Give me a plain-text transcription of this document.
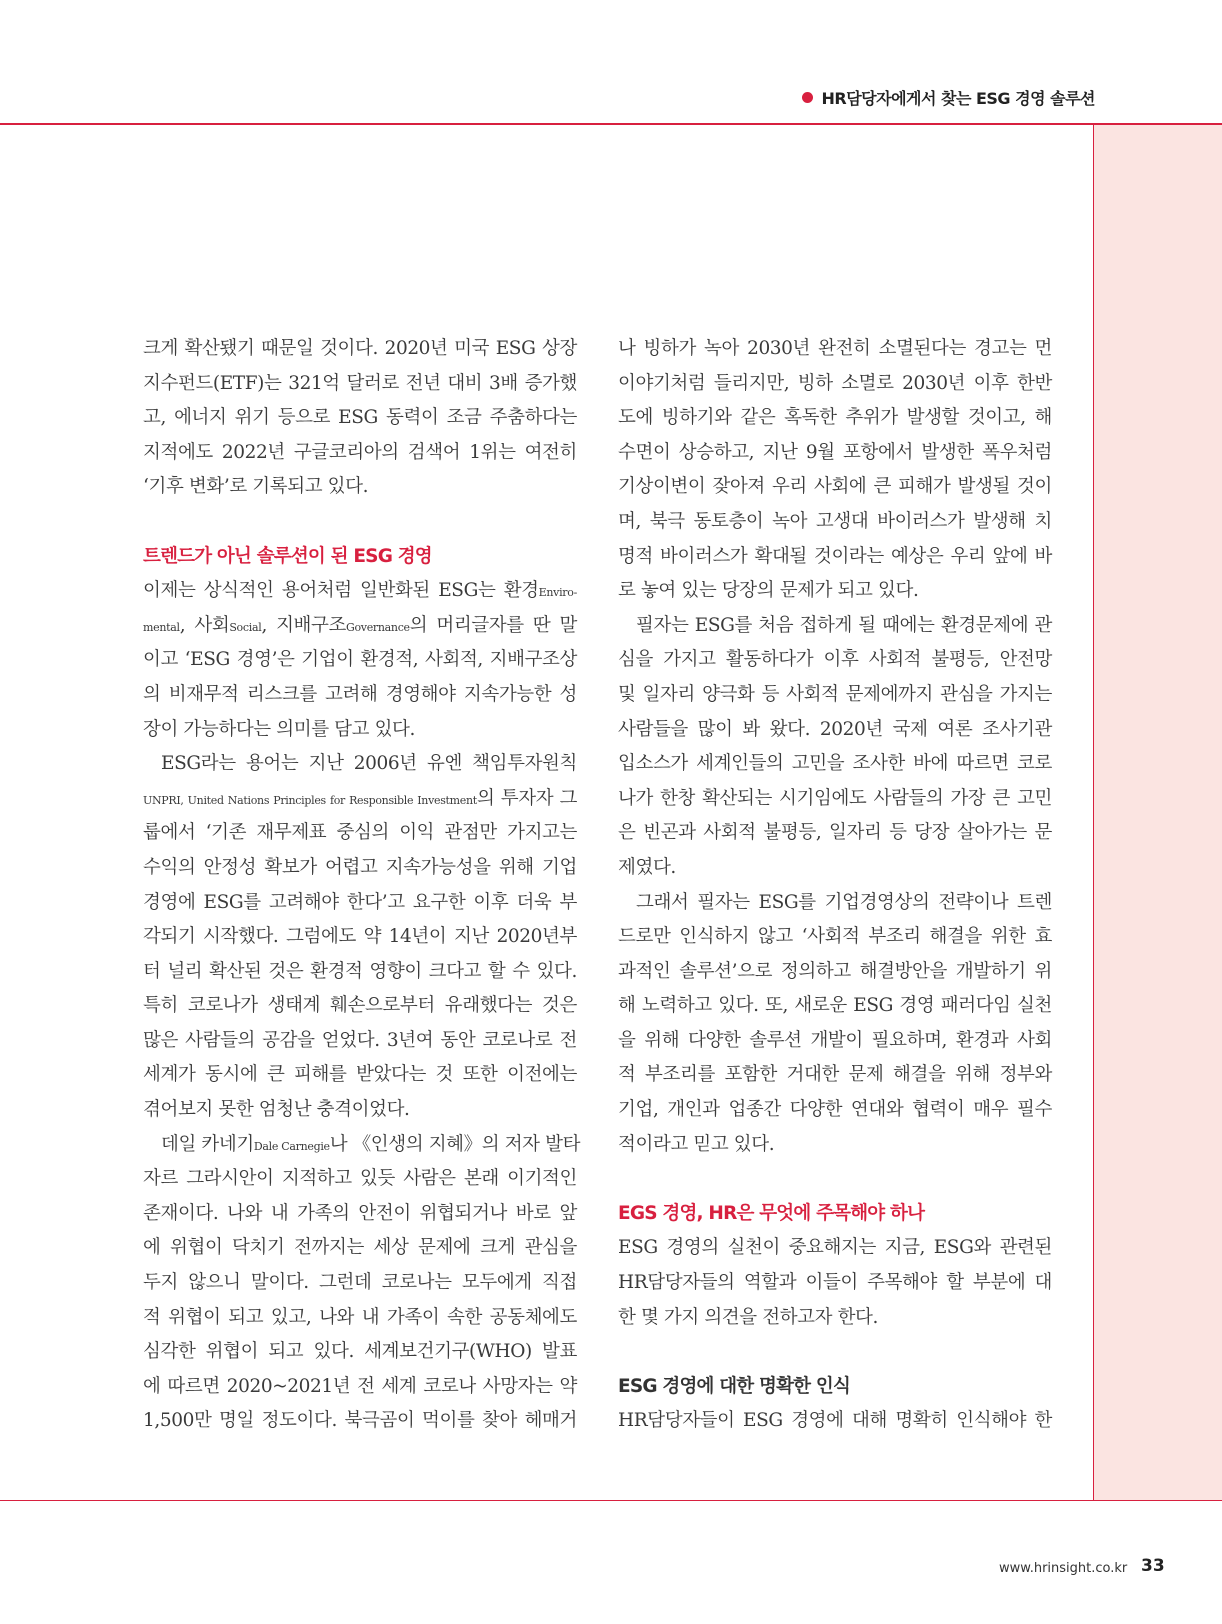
HR담당자에게서 찾는 ESG 경영 솔루션
크게 확산됐기 때문일 것이다. 2020년 미국 ESG 상장
지수펀드(ETF)는 321억 달러로 전년 대비 3배 증가했
고, 에너지 위기 등으로 ESG 동력이 조금 주춤하다는
지적에도 2022년 구글코리아의 검색어 1위는 여전히
‘기후 변화’로 기록되고 있다.
트렌드가 아닌 솔루션이 된 ESG 경영
이제는 상식적인 용어처럼 일반화된 ESG는 환경Enviro-
mental, 사회Social, 지배구조Governance의 머리글자를 딴 말
이고 ‘ESG 경영’은 기업이 환경적, 사회적, 지배구조상
의 비재무적 리스크를 고려해 경영해야 지속가능한 성
장이 가능하다는 의미를 담고 있다.
ESG라는 용어는 지난 2006년 유엔 책임투자원칙
UNPRI, United Nations Principles for Responsible Investment의 투자자 그
룹에서 ‘기존 재무제표 중심의 이익 관점만 가지고는
수익의 안정성 확보가 어렵고 지속가능성을 위해 기업
경영에 ESG를 고려해야 한다’고 요구한 이후 더욱 부
각되기 시작했다. 그럼에도 약 14년이 지난 2020년부
터 널리 확산된 것은 환경적 영향이 크다고 할 수 있다.
특히 코로나가 생태계 훼손으로부터 유래했다는 것은
많은 사람들의 공감을 얻었다. 3년여 동안 코로나로 전
세계가 동시에 큰 피해를 받았다는 것 또한 이전에는
겪어보지 못한 엄청난 충격이었다.
데일 카네기Dale Carnegie나 《인생의 지혜》의 저자 발타
자르 그라시안이 지적하고 있듯 사람은 본래 이기적인
존재이다. 나와 내 가족의 안전이 위협되거나 바로 앞
에 위협이 닥치기 전까지는 세상 문제에 크게 관심을
두지 않으니 말이다. 그런데 코로나는 모두에게 직접
적 위협이 되고 있고, 나와 내 가족이 속한 공동체에도
심각한 위협이 되고 있다. 세계보건기구(WHO) 발표
에 따르면 2020~2021년 전 세계 코로나 사망자는 약
1,500만 명일 정도이다. 북극곰이 먹이를 찾아 헤매거
나 빙하가 녹아 2030년 완전히 소멸된다는 경고는 먼
이야기처럼 들리지만, 빙하 소멸로 2030년 이후 한반
도에 빙하기와 같은 혹독한 추위가 발생할 것이고, 해
수면이 상승하고, 지난 9월 포항에서 발생한 폭우처럼
기상이변이 잦아져 우리 사회에 큰 피해가 발생될 것이
며, 북극 동토층이 녹아 고생대 바이러스가 발생해 치
명적 바이러스가 확대될 것이라는 예상은 우리 앞에 바
로 놓여 있는 당장의 문제가 되고 있다.
필자는 ESG를 처음 접하게 될 때에는 환경문제에 관
심을 가지고 활동하다가 이후 사회적 불평등, 안전망
및 일자리 양극화 등 사회적 문제에까지 관심을 가지는
사람들을 많이 봐 왔다. 2020년 국제 여론 조사기관
입소스가 세계인들의 고민을 조사한 바에 따르면 코로
나가 한창 확산되는 시기임에도 사람들의 가장 큰 고민
은 빈곤과 사회적 불평등, 일자리 등 당장 살아가는 문
제였다.
그래서 필자는 ESG를 기업경영상의 전략이나 트렌
드로만 인식하지 않고 ‘사회적 부조리 해결을 위한 효
과적인 솔루션’으로 정의하고 해결방안을 개발하기 위
해 노력하고 있다. 또, 새로운 ESG 경영 패러다임 실천
을 위해 다양한 솔루션 개발이 필요하며, 환경과 사회
적 부조리를 포함한 거대한 문제 해결을 위해 정부와
기업, 개인과 업종간 다양한 연대와 협력이 매우 필수
적이라고 믿고 있다.
EGS 경영, HR은 무엇에 주목해야 하나
ESG 경영의 실천이 중요해지는 지금, ESG와 관련된
HR담당자들의 역할과 이들이 주목해야 할 부분에 대
한 몇 가지 의견을 전하고자 한다.
ESG 경영에 대한 명확한 인식
HR담당자들이 ESG 경영에 대해 명확히 인식해야 한
www.hrinsight.co.kr 33
